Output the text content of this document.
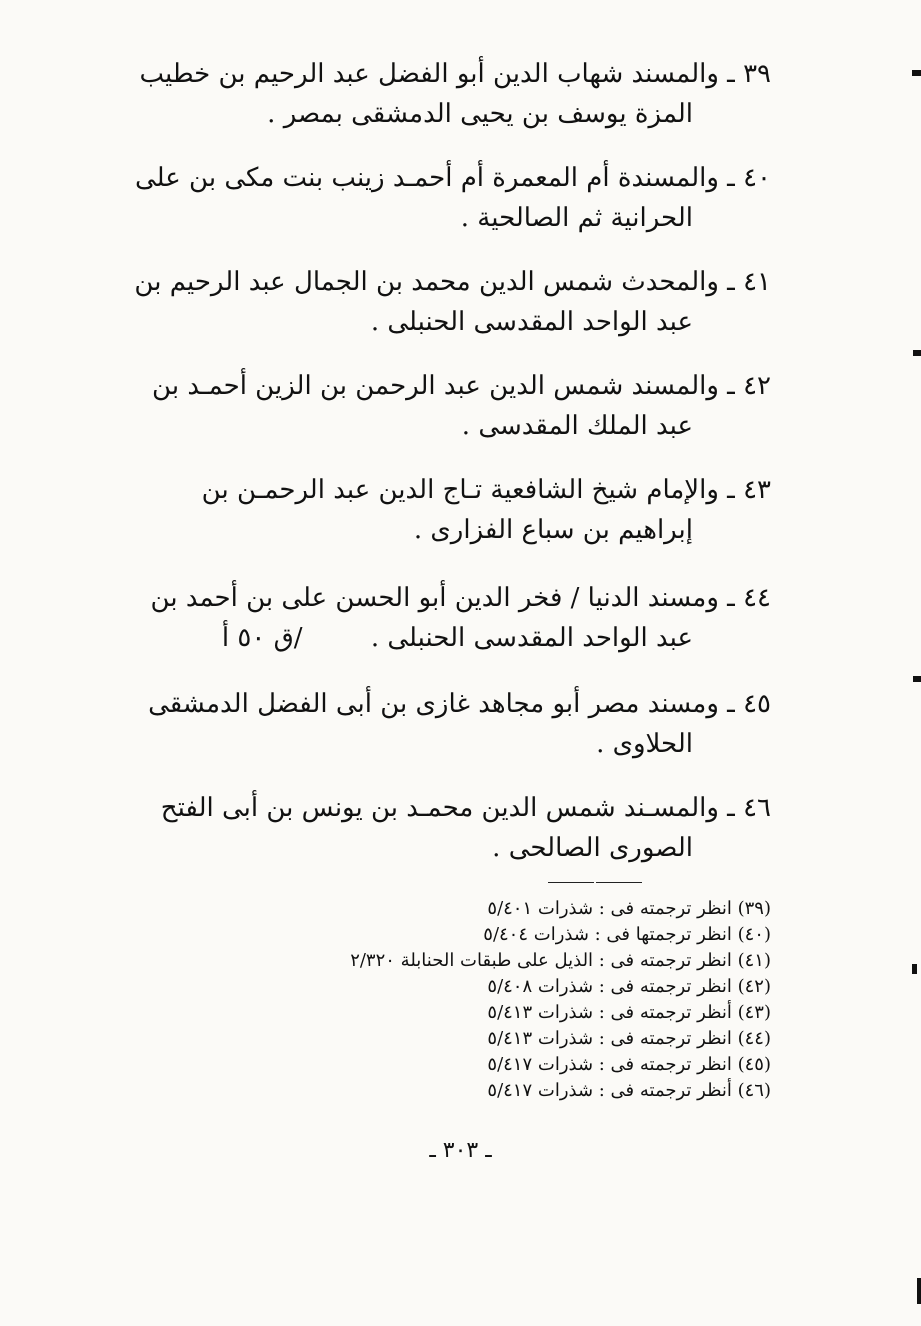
٣٩ ـ والمسند شهاب الدين أبو الفضل عبد الرحيم بن خطيب
المزة يوسف بن يحيى الدمشقى بمصر .
٤٠ ـ والمسندة أم المعمرة أم أحمـد زينب بنت مكى بن على
الحرانية ثم الصالحية .
٤١ ـ والمحدث شمس الدين محمد بن الجمال عبد الرحيم بن
عبد الواحد المقدسى الحنبلى .
٤٢ ـ والمسند شمس الدين عبد الرحمن بن الزين أحمـد بن
عبد الملك المقدسى .
٤٣ ـ والإمام شيخ الشافعية تـاج الدين عبد الرحمـن بن
إبراهيم بن سباع الفزارى .
٤٤ ـ ومسند الدنيا / فخر الدين أبو الحسن على بن أحمد بن
عبد الواحد المقدسى الحنبلى . /ق ٥٠ أ
٤٥ ـ ومسند مصر أبو مجاهد غازى بن أبى الفضل الدمشقى
الحلاوى .
٤٦ ـ والمسـند شمس الدين محمـد بن يونس بن أبى الفتح
الصورى الصالحى .
(٣٩) انظر ترجمته فى : شذرات ٥/٤٠١
(٤٠) انظر ترجمتها فى : شذرات ٥/٤٠٤
(٤١) انظر ترجمته فى : الذيل على طبقات الحنابلة ٢/٣٢٠
(٤٢) انظر ترجمته فى : شذرات ٥/٤٠٨
(٤٣) أنظر ترجمته فى : شذرات ٥/٤١٣
(٤٤) انظر ترجمته فى : شذرات ٥/٤١٣
(٤٥) انظر ترجمته فى : شذرات ٥/٤١٧
(٤٦) أنظر ترجمته فى : شذرات ٥/٤١٧
ـ ٣٠٣ ـ
